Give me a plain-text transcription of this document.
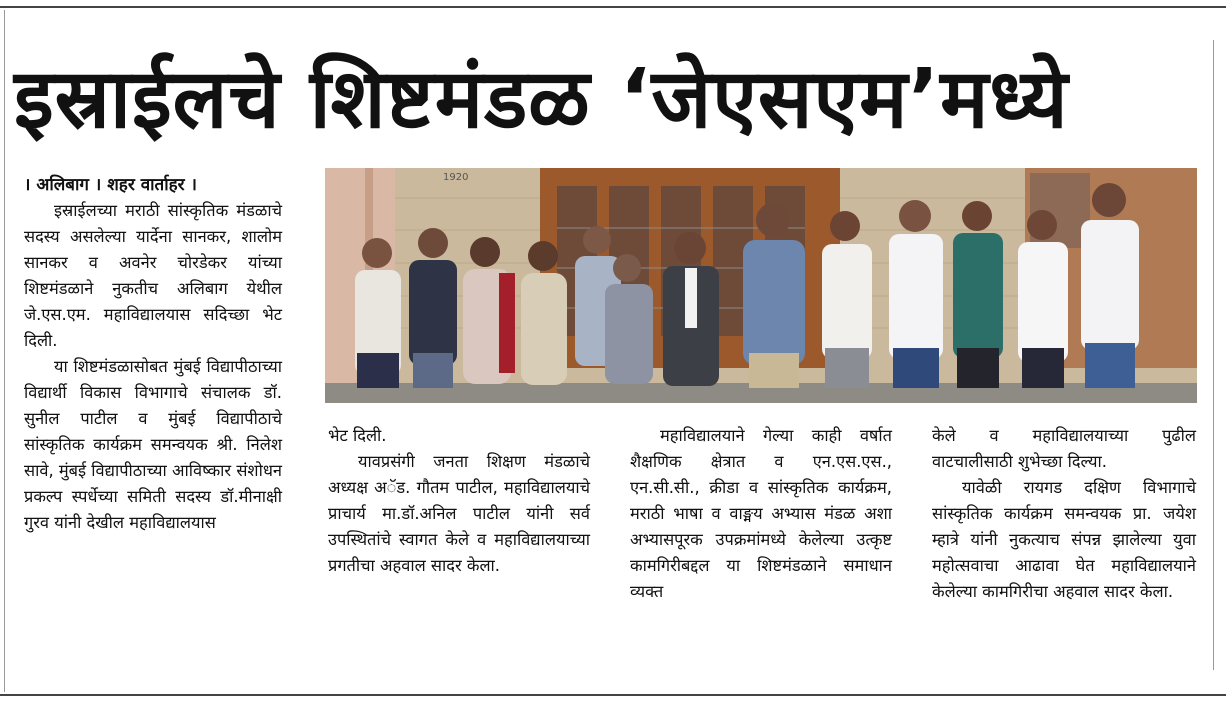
इस्राईलचे शिष्टमंडळ ‘जेएसएम’मध्ये

। अलिबाग । शहर वार्ताहर ।

इस्राईलच्या मराठी सांस्कृतिक मंडळाचे सदस्य असलेल्या यार्देना सानकर, शालोम सानकर व अवनेर चोरडेकर यांच्या शिष्टमंडळाने नुकतीच अलिबाग येथील जे.एस.एम. महाविद्यालयास सदिच्छा भेट दिली.

या शिष्टमंडळासोबत मुंबई विद्यापीठाच्या विद्यार्थी विकास विभागाचे संचालक डॉ. सुनील पाटील व मुंबई विद्यापीठाचे सांस्कृतिक कार्यक्रम समन्वयक श्री. निलेश सावे, मुंबई विद्यापीठाच्या आविष्कार संशोधन प्रकल्प स्पर्धेच्या समिती सदस्य डॉ.मीनाक्षी गुरव यांनी देखील महाविद्यालयास

1920

भेट दिली.

यावप्रसंगी जनता शिक्षण मंडळाचे अध्यक्ष अॅड. गौतम पाटील, महाविद्यालयाचे प्राचार्य मा.डॉ.अनिल पाटील यांनी सर्व उपस्थितांचे स्वागत केले व महाविद्यालयाच्या प्रगतीचा अहवाल सादर केला.

महाविद्यालयाने गेल्या काही वर्षात शैक्षणिक क्षेत्रात व एन.एस.एस., एन.सी.सी., क्रीडा व सांस्कृतिक कार्यक्रम, मराठी भाषा व वाङ्मय अभ्यास मंडळ अशा अभ्यासपूरक उपक्रमांमध्ये केलेल्या उत्कृष्ट कामगिरीबद्दल या शिष्टमंडळाने समाधान व्यक्त

केले व महाविद्यालयाच्या पुढील वाटचालीसाठी शुभेच्छा दिल्या.

यावेळी रायगड दक्षिण विभागाचे सांस्कृतिक कार्यक्रम समन्वयक प्रा. जयेश म्हात्रे यांनी नुकत्याच संपन्न झालेल्या युवा महोत्सवाचा आढावा घेत महाविद्यालयाने केलेल्या कामगिरीचा अहवाल सादर केला.
